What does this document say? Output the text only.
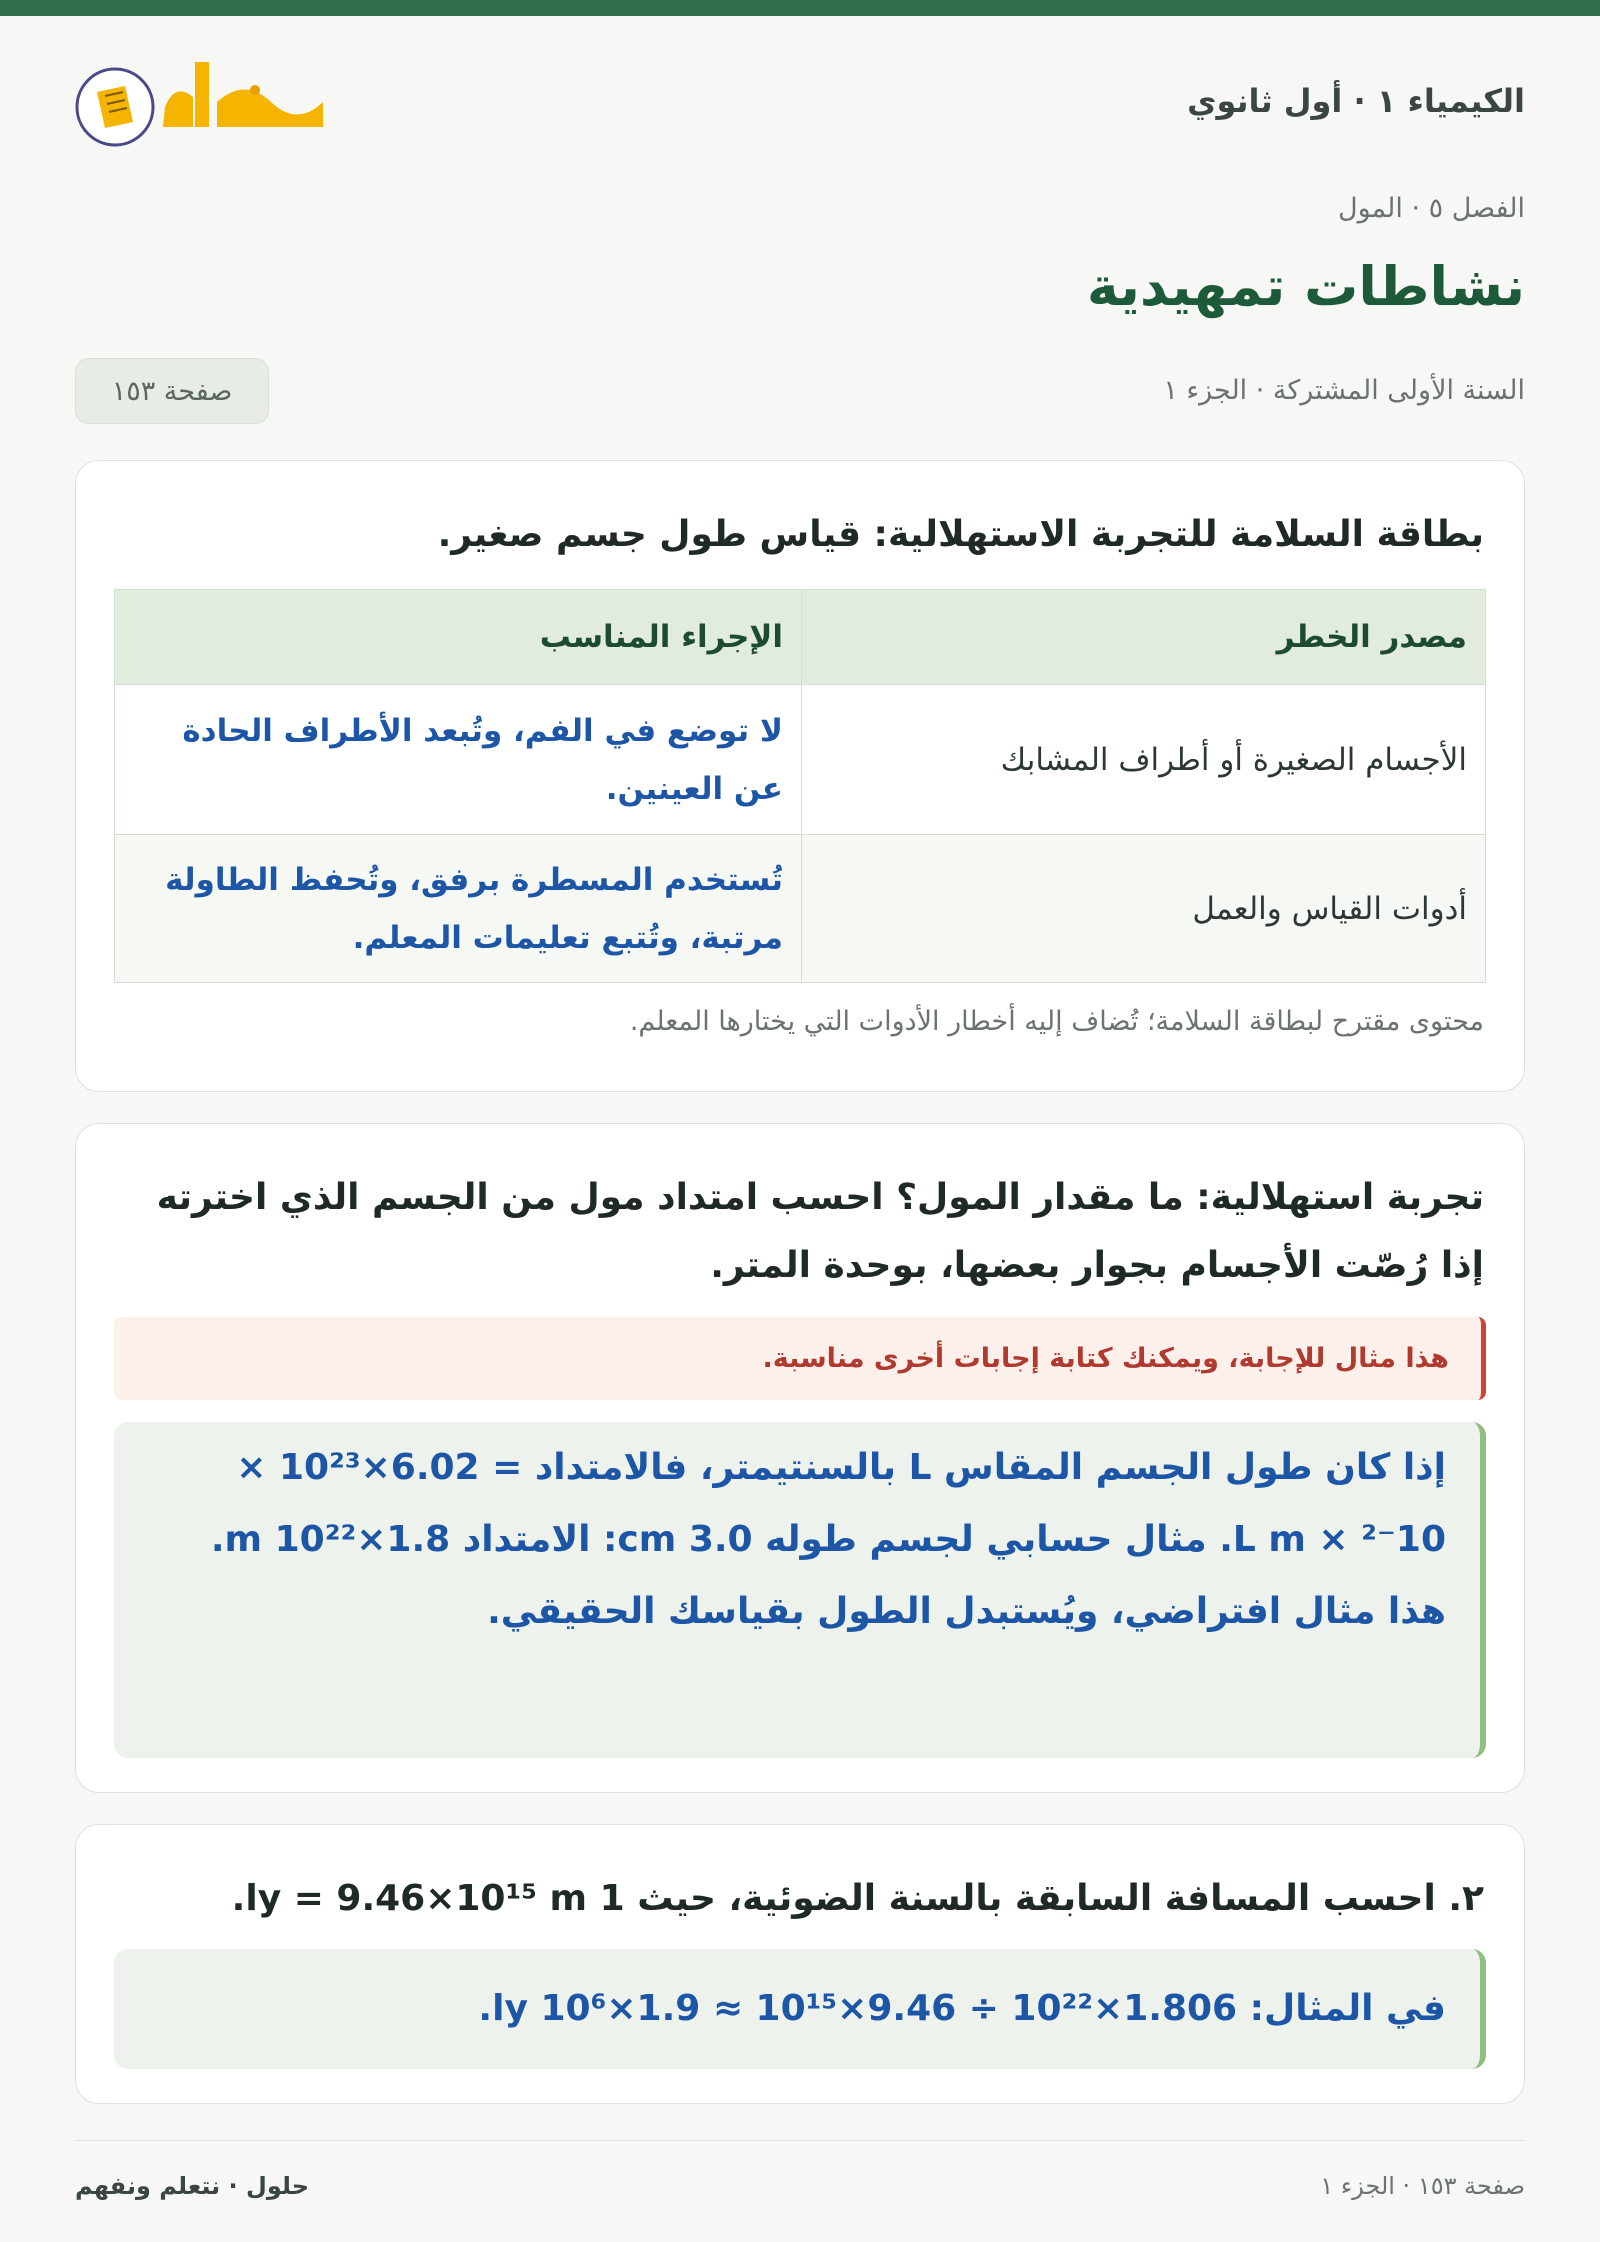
الكيمياء ١ · أول ثانوي
الفصل ٥ · المول
نشاطات تمهيدية
السنة الأولى المشتركة · الجزء ١
صفحة ١٥٣
بطاقة السلامة للتجربة الاستهلالية: قياس طول جسم صغير.
مصدر الخطر	الإجراء المناسب
الأجسام الصغيرة أو أطراف المشابك	لا توضع في الفم، وتُبعد الأطراف الحادة عن العينين.
أدوات القياس والعمل	تُستخدم المسطرة برفق، وتُحفظ الطاولة مرتبة، وتُتبع تعليمات المعلم.

محتوى مقترح لبطاقة السلامة؛ تُضاف إليه أخطار الأدوات التي يختارها المعلم.

تجربة استهلالية: ما مقدار المول؟ احسب امتداد مول من الجسم الذي اخترته إذا رُصّت الأجسام بجوار بعضها، بوحدة المتر.
هذا مثال للإجابة، ويمكنك كتابة إجابات أخرى مناسبة.
إذا كان طول الجسم المقاس L بالسنتيمتر، فالامتداد = 6.02×10²³ × 10⁻² × L m. مثال حسابي لجسم طوله 3.0 cm: الامتداد 1.8×10²² m. هذا مثال افتراضي، ويُستبدل الطول بقياسك الحقيقي.
٢. احسب المسافة السابقة بالسنة الضوئية، حيث 1 ly = 9.46×10¹⁵ m.
في المثال: 1.806×10²² ÷ 9.46×10¹⁵ ≈ 1.9×10⁶ ly.
صفحة ١٥٣ · الجزء ١
حلول · نتعلم ونفهم
